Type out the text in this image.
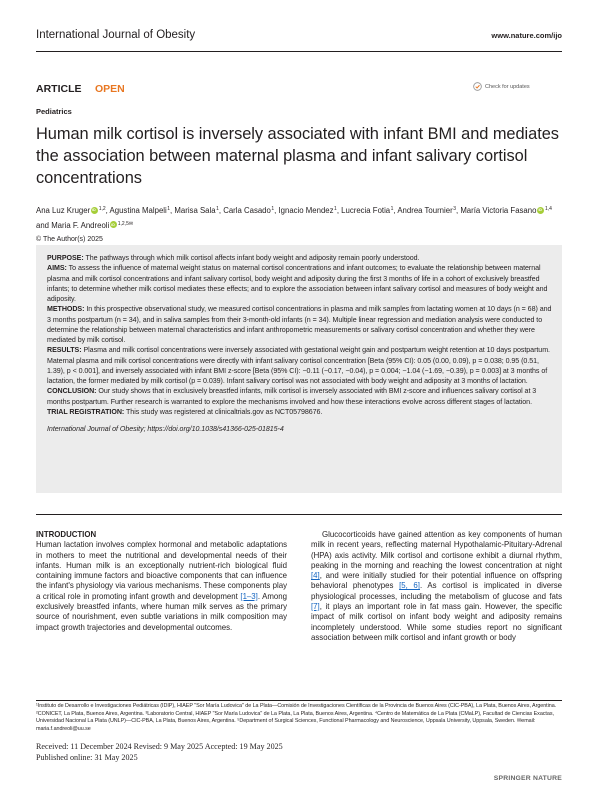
International Journal of Obesity	www.nature.com/ijo
ARTICLE OPEN	Check for updates
Pediatrics
Human milk cortisol is inversely associated with infant BMI and mediates the association between maternal plasma and infant salivary cortisol concentrations
Ana Luz Kruger iD $^{1,2}$, Agustina Malpeli$^1$, Marisa Sala$^1$, Carla Casado$^1$, Ignacio Mendez$^1$, Lucrecia Fotia$^1$, Andrea Tournier$^3$, María Victoria Fasano iD $^{1,4}$ and Maria F. Andreoli iD $^{1,2,5✉}$
© The Author(s) 2025

PURPOSE: The pathways through which milk cortisol affects infant body weight and adiposity remain poorly understood.

AIMS: To assess the influence of maternal weight status on maternal cortisol concentrations and infant outcomes; to evaluate the relationship between maternal plasma and milk cortisol concentrations and infant salivary cortisol, body weight and adiposity during the first 3 months of life in a cohort of exclusively breastfed infants; to determine whether milk cortisol mediates these effects; and to explore the association between infant salivary cortisol and measures of body weight and adiposity.

METHODS: In this prospective observational study, we measured cortisol concentrations in plasma and milk samples from lactating women at 10 days (n = 68) and 3 months postpartum (n = 34), and in saliva samples from their 3-month-old infants (n = 34). Multiple linear regression and mediation analysis were conducted to determine the relationship between maternal characteristics and infant anthropometric measurements or salivary cortisol concentration and whether they were mediated by milk cortisol.

RESULTS: Plasma and milk cortisol concentrations were inversely associated with gestational weight gain and postpartum weight retention at 10 days postpartum. Maternal plasma and milk cortisol concentrations were directly with infant salivary cortisol concentration [Beta (95% CI): 0.05 (0.00, 0.09), p = 0.038; 0.95 (0.51, 1.39), p < 0.001], and inversely associated with infant BMI z-score [Beta (95% CI): −0.11 (−0.17, −0.04), p = 0.004; −1.04 (−1.69, −0.39), p = 0.003] at 3 months of lactation, the former mediated by milk cortisol (p = 0.039). Infant salivary cortisol was not associated with body weight and adiposity at 3 months of lactation.

CONCLUSION: Our study shows that in exclusively breastfed infants, milk cortisol is inversely associated with BMI z-score and influences salivary cortisol at 3 months postpartum. Further research is warranted to explore the mechanisms involved and how these interactions evolve across different stages of lactation.

TRIAL REGISTRATION: This study was registered at clinicaltrials.gov as NCT05798676.

International Journal of Obesity; https://doi.org/10.1038/s41366-025-01815-4

INTRODUCTION

Human lactation involves complex hormonal and metabolic adaptations in mothers to meet the nutritional and developmental needs of their infants. Human milk is an exceptionally nutrient-rich biological fluid containing immune factors and bioactive components that can influence the infant's physiology via various mechanisms. These components play a critical role in promoting infant growth and development [1–3]. Among exclusively breastfed infants, where human milk serves as the primary source of nourishment, even subtle variations in milk composition may impact growth trajectories and developmental outcomes.

Glucocorticoids have gained attention as key components of human milk in recent years, reflecting maternal Hypothalamic-Pituitary-Adrenal (HPA) axis activity. Milk cortisol and cortisone exhibit a diurnal rhythm, peaking in the morning and reaching the lowest concentration at night [4], and were initially studied for their potential influence on offspring behavioral phenotypes [5, 6]. As cortisol is implicated in diverse physiological processes, including the metabolism of glucose and fats [7], it plays an important role in fat mass gain. However, the specific impact of milk cortisol on infant body weight and adiposity remains incompletely understood. While some studies report no significant association between milk cortisol and infant growth or body

¹Instituto de Desarrollo e Investigaciones Pediátricas (IDIP), HIAEP "Sor María Ludovica" de La Plata—Comisión de Investigaciones Científicas de la Provincia de Buenos Aires (CIC-PBA), La Plata, Buenos Aires, Argentina. ²CONICET, La Plata, Buenos Aires, Argentina. ³Laboratorio Central, HIAEP "Sor María Ludovica" de La Plata, La Plata, Buenos Aires, Argentina. ⁴Centro de Matemática de La Plata (CMaLP), Facultad de Ciencias Exactas, Universidad Nacional La Plata (UNLP)—CIC-PBA, La Plata, Buenos Aires, Argentina. ⁵Department of Surgical Sciences, Functional Pharmacology and Neuroscience, Uppsala University, Uppsala, Sweden. ✉email: maria.f.andreoli@uu.se
Received: 11 December 2024 Revised: 9 May 2025 Accepted: 19 May 2025
Published online: 31 May 2025
SPRINGER NATURE
